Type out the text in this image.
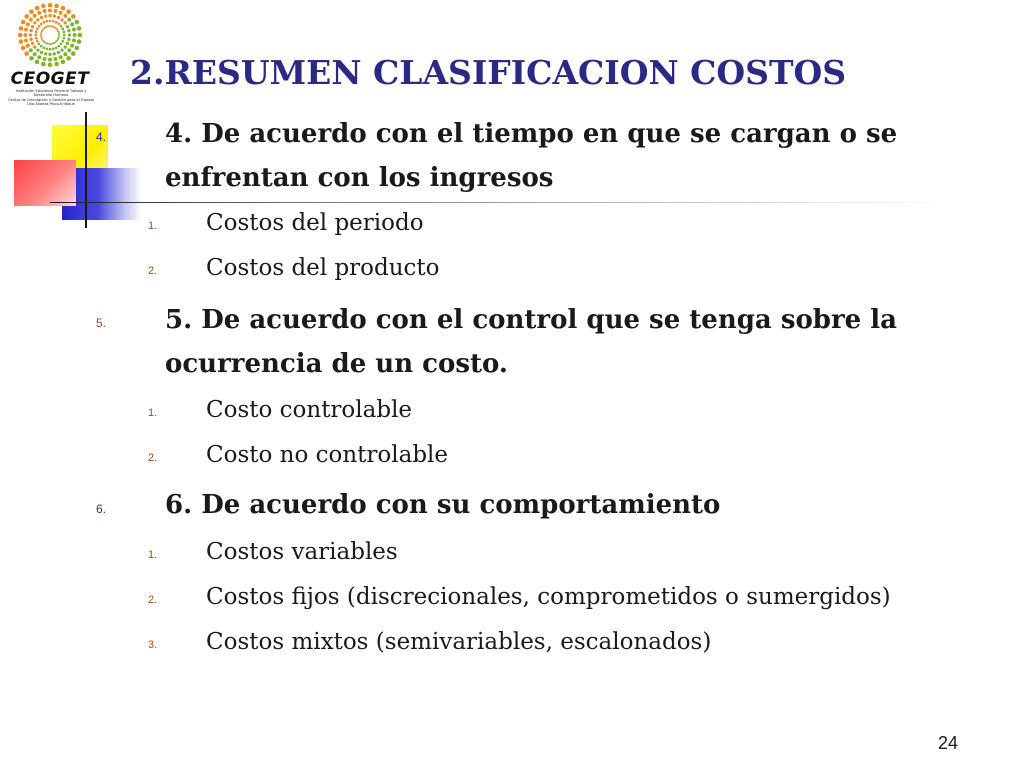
CEOGET
Institución Educativa Parceral Trabajo y Desarrollo Humano
Centro de Orientación y Gestión para el Trabajo
Una Alianza Psico-Enfoque
2.RESUMEN CLASIFICACION COSTOS
4. 4. De acuerdo con el tiempo en que se cargan o se enfrentan con los ingresos
1. Costos del periodo
2. Costos del producto
5. 5. De acuerdo con el control que se tenga sobre la ocurrencia de un costo.
1. Costo controlable
2. Costo no controlable
6. 6. De acuerdo con su comportamiento
1. Costos variables
2. Costos fijos (discrecionales, comprometidos o sumergidos)
3. Costos mixtos (semivariables, escalonados)
24
